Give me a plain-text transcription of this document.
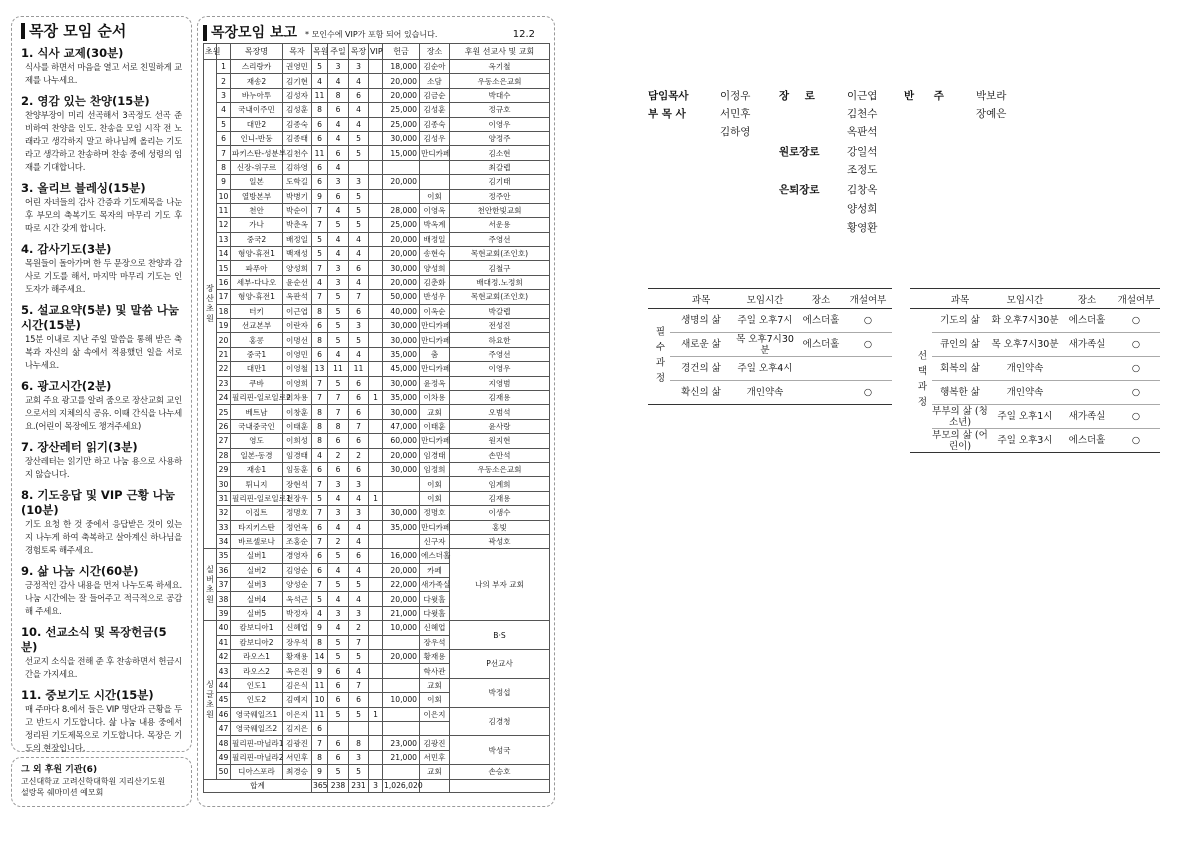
목장 모임 순서
1. 식사 교제(30분)
식사를 하면서 마음을 열고 서로 친밀하게 교제를 나누세요.
2. 영감 있는 찬양(15분)
찬양부장이 미리 선곡해서 3곡정도 선곡 준비하여 찬양을 인도. 찬송을 모임 시작 전 노래라고 생각하지 말고 하나님께 올리는 기도라고 생각하고 찬송하며 찬송 중에 성령의 임재를 기대합니다.
3. 올리브 블레싱(15분)
어린 자녀들의 감사 간증과 기도제목을 나눈 후 부모의 축복기도 목자의 마무리 기도 후 따로 시간 갖게 합니다.
4. 감사기도(3분)
목원들이 돌아가며 한 두 문장으로 찬양과 감사로 기도를 해서, 마지막 마무리 기도는 인도자가 해주세요.
5. 설교요약(5분) 및 말씀 나눔 시간(15분)
15분 이내로 지난 주일 말씀을 통해 받은 축복과 자신의 삶 속에서 적용했던 일을 서로 나누세요.
6. 광고시간(2분)
교회 주요 광고를 알려 줌으로 장산교회 교인으로서의 지체의식 공유. 이때 간식을 나누세요.(어린이 목장에도 챙겨주세요)
7. 장산레터 읽기(3분)
장산레터는 읽기만 하고 나눔 용으로 사용하지 않습니다.
8. 기도응답 및 VIP 근황 나눔(10분)
기도 요청 한 것 중에서 응답받은 것이 있는지 나누게 하여 축복하고 살아계신 하나님을 경험토록 해주세요.
9. 삶 나눔 시간(60분)
긍정적인 감사 내용을 먼저 나누도록 하세요. 나눔 시간에는 잘 들어주고 적극적으로 공감해 주세요.
10. 선교소식 및 목장헌금(5분)
선교지 소식을 전해 준 후 찬송하면서 헌금시간을 가지세요.
11. 중보기도 시간(15분)
매 주마다 8.에서 들은 VIP 명단과 근황을 두고 반드시 기도합니다. 삶 나눔 내용 중에서 정리된 기도제목으로 기도합니다. 목장은 기도의 현장입니다.
그 외 후원 기관(6)
고신대학교 고려신학대학원 지리산기도원
설랑목 쉐마미션 예모회
목장모임 보고 * 모인수에 VIP가 포함 되어 있습니다.	12.2
초원		목장명	목자	목원	주일	목장	VIP	헌금	장소	후원 선교사 및 교회
장산초원	1	스리랑카	권영민	5	3	3		18,000	김순아	옥기철
	2	재송2	김기현	4	4	4		20,000	소담	우동소은교회
	3	바누아투	김성자	11	8	6		20,000	김금순	박대수
	4	국내이주민	김성훈	8	6	4		25,000	김성훈	정규호
	5	대만2	김종숙	6	4	4		25,000	김종숙	이영우
	6	인니-반둥	김종태	6	4	5		30,000	김성우	양정주
	7	파키스탄-성분부	김천수	11	6	5		15,000	만디카페	김소현
	8	신장-위구르	김하영	6	4					최갈렙
	9	일본	도학길	6	3	3		20,000		김기태
	10	열방본부	박병기	9	6	5			이회	정주안
	11	천안	박순이	7	4	5		28,000	이영옥	천안한빛교회
	12	가나	박춘옥	7	5	5		25,000	박옥계	서운용
	13	중국2	배정일	5	4	4		20,000	배정일	주영선
	14	형양-휴전1	백재성	5	4	4		20,000	송현숙	목현교회(조인호)
	15	파푸아	양성희	7	3	6		30,000	양성희	김철구
	16	세부-다나오	윤순선	4	3	4		20,000	김춘화	배대정.노정희
	17	형양-휴전1	옥판석	7	5	7		50,000	반성우	목현교회(조인호)
	18	터키	이근엽	8	5	6		40,000	이옥순	박갈렙
	19	선교본부	이란자	6	5	3		30,000	만디카페	전성진
	20	홍콩	이명선	8	5	5		30,000	만디카페	하요한
	21	중국1	이영민	6	4	4		35,000	춤	주영선
	22	대만1	이영철	13	11	11		45,000	만디카페	이영우
	23	쿠바	이영희	7	5	6		30,000	윤정옥	지영범
	24	필리핀-일로일로2	이차용	7	7	6	1	35,000	이차용	김재용
	25	베트남	이창훈	8	7	6		30,000	교회	오범석
	26	국내중국인	이태훈	8	8	7		47,000	이태훈	윤사랑
	27	영도	이희성	8	6	6		60,000	만디카페	원지현
	28	일본-동경	임경태	4	2	2		20,000	임경태	손만석
	29	재송1	임동훈	6	6	6		30,000	임정희	우동소은교회
	30	튀니지	장현석	7	3	3			이회	임계희
	31	필리핀-일로일로1	전장우	5	4	4	1		이회	김재용
	32	이집트	정명호	7	3	3		30,000	정명호	이생수
	33	타지키스탄	정연옥	6	4	4		35,000	만디카페	홍빛
	34	바르셀로나	조홍순	7	2	4			신구자	곽성호
실버초원	35	실버1	경영자	6	5	6		16,000	에스더홀	나의 부자 교회
	36	실버2	김영순	6	4	4		20,000	카페	
	37	실버3	양성순	7	5	5		22,000	새가족실	
	38	실버4	옥석근	5	4	4		20,000	다윗홀	
	39	실버5	박정자	4	3	3		21,000	다윗홀	
싱글초원	40	캄보디아1	신혜업	9	4	2		10,000	신혜업	B·S
	41	캄보디아2	장우석	8	5	7			장우석	
	42	라오스1	황재용	14	5	5		20,000	황재용	P선교사
	43	라오스2	옥은진	9	6	4			학사관	
	44	인도1	김은식	11	6	7			교회	박정섭
	45	인도2	김예지	10	6	6		10,000	이회	
	46	영국웨일즈1	이은지	11	5	5	1		이은지	김경청
	47	영국웨일즈2	김지은	6						
	48	필리핀-마닐라1	김광진	7	6	8		23,000	김광진	박성국
	49	필리핀-마닐라2	서민후	8	6	3		21,000	서민후	
	50	디아스포라	최경승	9	5	5			교회	손승호
합계				365	238	231	3	1,026,020		
담임목사	이정우
부 목 사	서민후
김하영
장 로 이근엽
김천수
옥판석
원로장로	강일석
조정도
은퇴장로	김창옥
양성희
황영환
반 주 박보라
장예은
	과목	모임시간	장소	개설여부
필수과정	생명의 삶	주일 오후7시	에스더홀	○
	새로운 삶	목 오후7시30분	에스더홀	○
	경건의 삶	주일 오후4시		
	확신의 삶	개인약속		○
	과목	모임시간	장소	개설여부
선택과정	기도의 삶	화 오후7시30분	에스더홀	○
	큐인의 삶	목 오후7시30분	새가족실	○
	회복의 삶	개인약속		○
	행복한 삶	개인약속		○
	부부의 삶 (청소년)	주일 오후1시	새가족실	○
	부모의 삶 (어린이)	주일 오후3시	에스더홀	○
